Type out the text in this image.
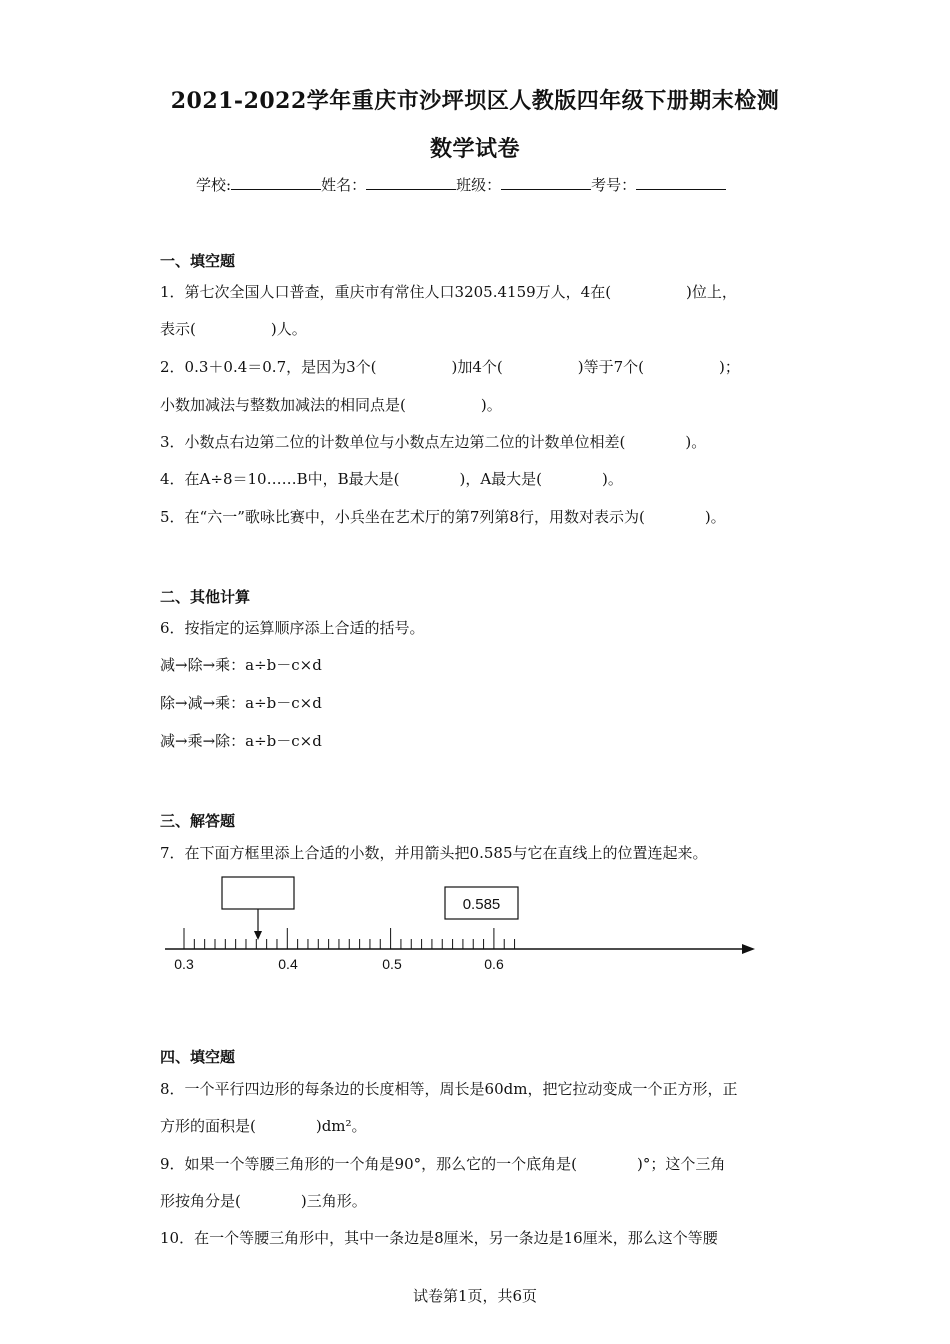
2021-2022学年重庆市沙坪坝区人教版四年级下册期末检测
数学试卷
学校:	姓名：	班级：	考号：
一、填空题
1．第七次全国人口普查，重庆市有常住人口3205.4159万人，4在(　　　　　)位上，
表示(　　　　　)人。
2．0.3＋0.4＝0.7，是因为3个(　　　　　)加4个(　　　　　)等于7个(　　　　　)；
小数加减法与整数加减法的相同点是(　　　　　)。
3．小数点右边第二位的计数单位与小数点左边第二位的计数单位相差(　　　　)。
4．在A÷8＝10……B中，B最大是(　　　　)，A最大是(　　　　)。
5．在“六一”歌咏比赛中，小兵坐在艺术厅的第7列第8行，用数对表示为(　　　　)。
二、其他计算
6．按指定的运算顺序添上合适的括号。
减→除→乘：a÷b－c×d
除→减→乘：a÷b－c×d
减→乘→除：a÷b－c×d
三、解答题
7．在下面方框里添上合适的小数，并用箭头把0.585与它在直线上的位置连起来。
0.585
0.3	0.4	0.5	0.6
四、填空题
8．一个平行四边形的每条边的长度相等，周长是60dm，把它拉动变成一个正方形，正
方形的面积是(　　　　)dm²。
9．如果一个等腰三角形的一个角是90°，那么它的一个底角是(　　　　)°；这个三角
形按角分是(　　　　)三角形。
10．在一个等腰三角形中，其中一条边是8厘米，另一条边是16厘米，那么这个等腰
试卷第1页，共6页
